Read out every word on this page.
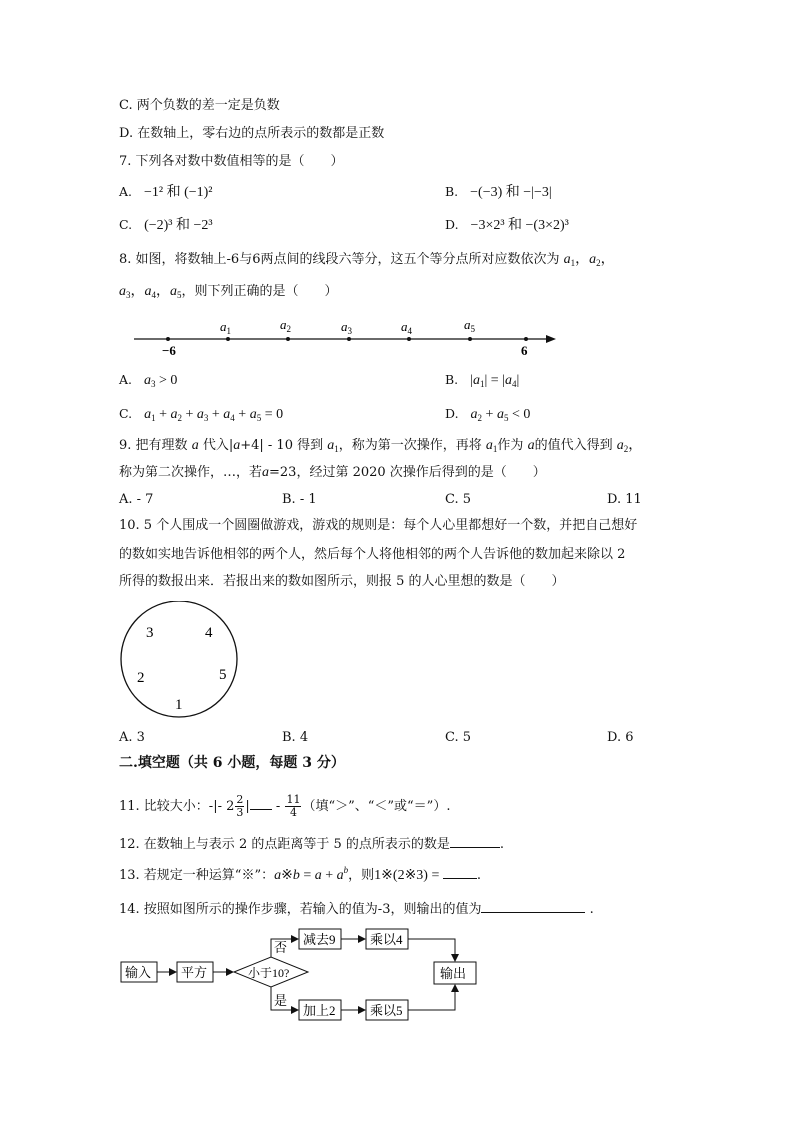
C. 两个负数的差一定是负数
D. 在数轴上，零右边的点所表示的数都是正数
7. 下列各对数中数值相等的是（　　）
A. −1² 和 (−1)²	B. −(−3) 和 −|−3|
C. (−2)³ 和 −2³	D. −3×2³ 和 −(3×2)³
8. 如图，将数轴上-6与6两点间的线段六等分，这五个等分点所对应数依次为 $a_1$，$a_2$，
$a_3$，$a_4$，$a_5$，则下列正确的是（　　）
−6	6
$a_1$	$a_2$	$a_3$	$a_4$	$a_5$
A. $a_3 > 0$	B. $|a_1| = |a_4|$
C. $a_1 + a_2 + a_3 + a_4 + a_5 = 0$	D. $a_2 + a_5 < 0$
9. 把有理数 a 代入|a+4| - 10 得到 $a_1$，称为第一次操作，再将 $a_1$作为 a的值代入得到 $a_2$，
称为第二次操作，…，若a=23，经过第 2020 次操作后得到的是（　　）
A. - 7	B. - 1	C. 5	D. 11
10. 5 个人围成一个圆圈做游戏，游戏的规则是：每个人心里都想好一个数，并把自己想好
的数如实地告诉他相邻的两个人，然后每个人将他相邻的两个人告诉他的数加起来除以 2
所得的数报出来．若报出来的数如图所示，则报 5 的人心里想的数是（　　）
3	4
5
1
2
A. 3	B. 4	C. 5	D. 6
二.填空题（共 6 小题，每题 3 分）
11. 比较大小：-|- $2 \frac{2}{3}$ | - $\frac{11}{4}$ （填“＞”、“＜”或“＝”）.
12. 在数轴上与表示 2 的点距离等于 5 的点所表示的数是	.
13. 若规定一种运算“※”：a※b = $a + a^b$，则1※(2※3) =	.
14. 按照如图所示的操作步骤，若输入的值为-3，则输出的值为	.
输入 平方	小于10?
减去9	乘以4
加上2	乘以5
输出
否
是
